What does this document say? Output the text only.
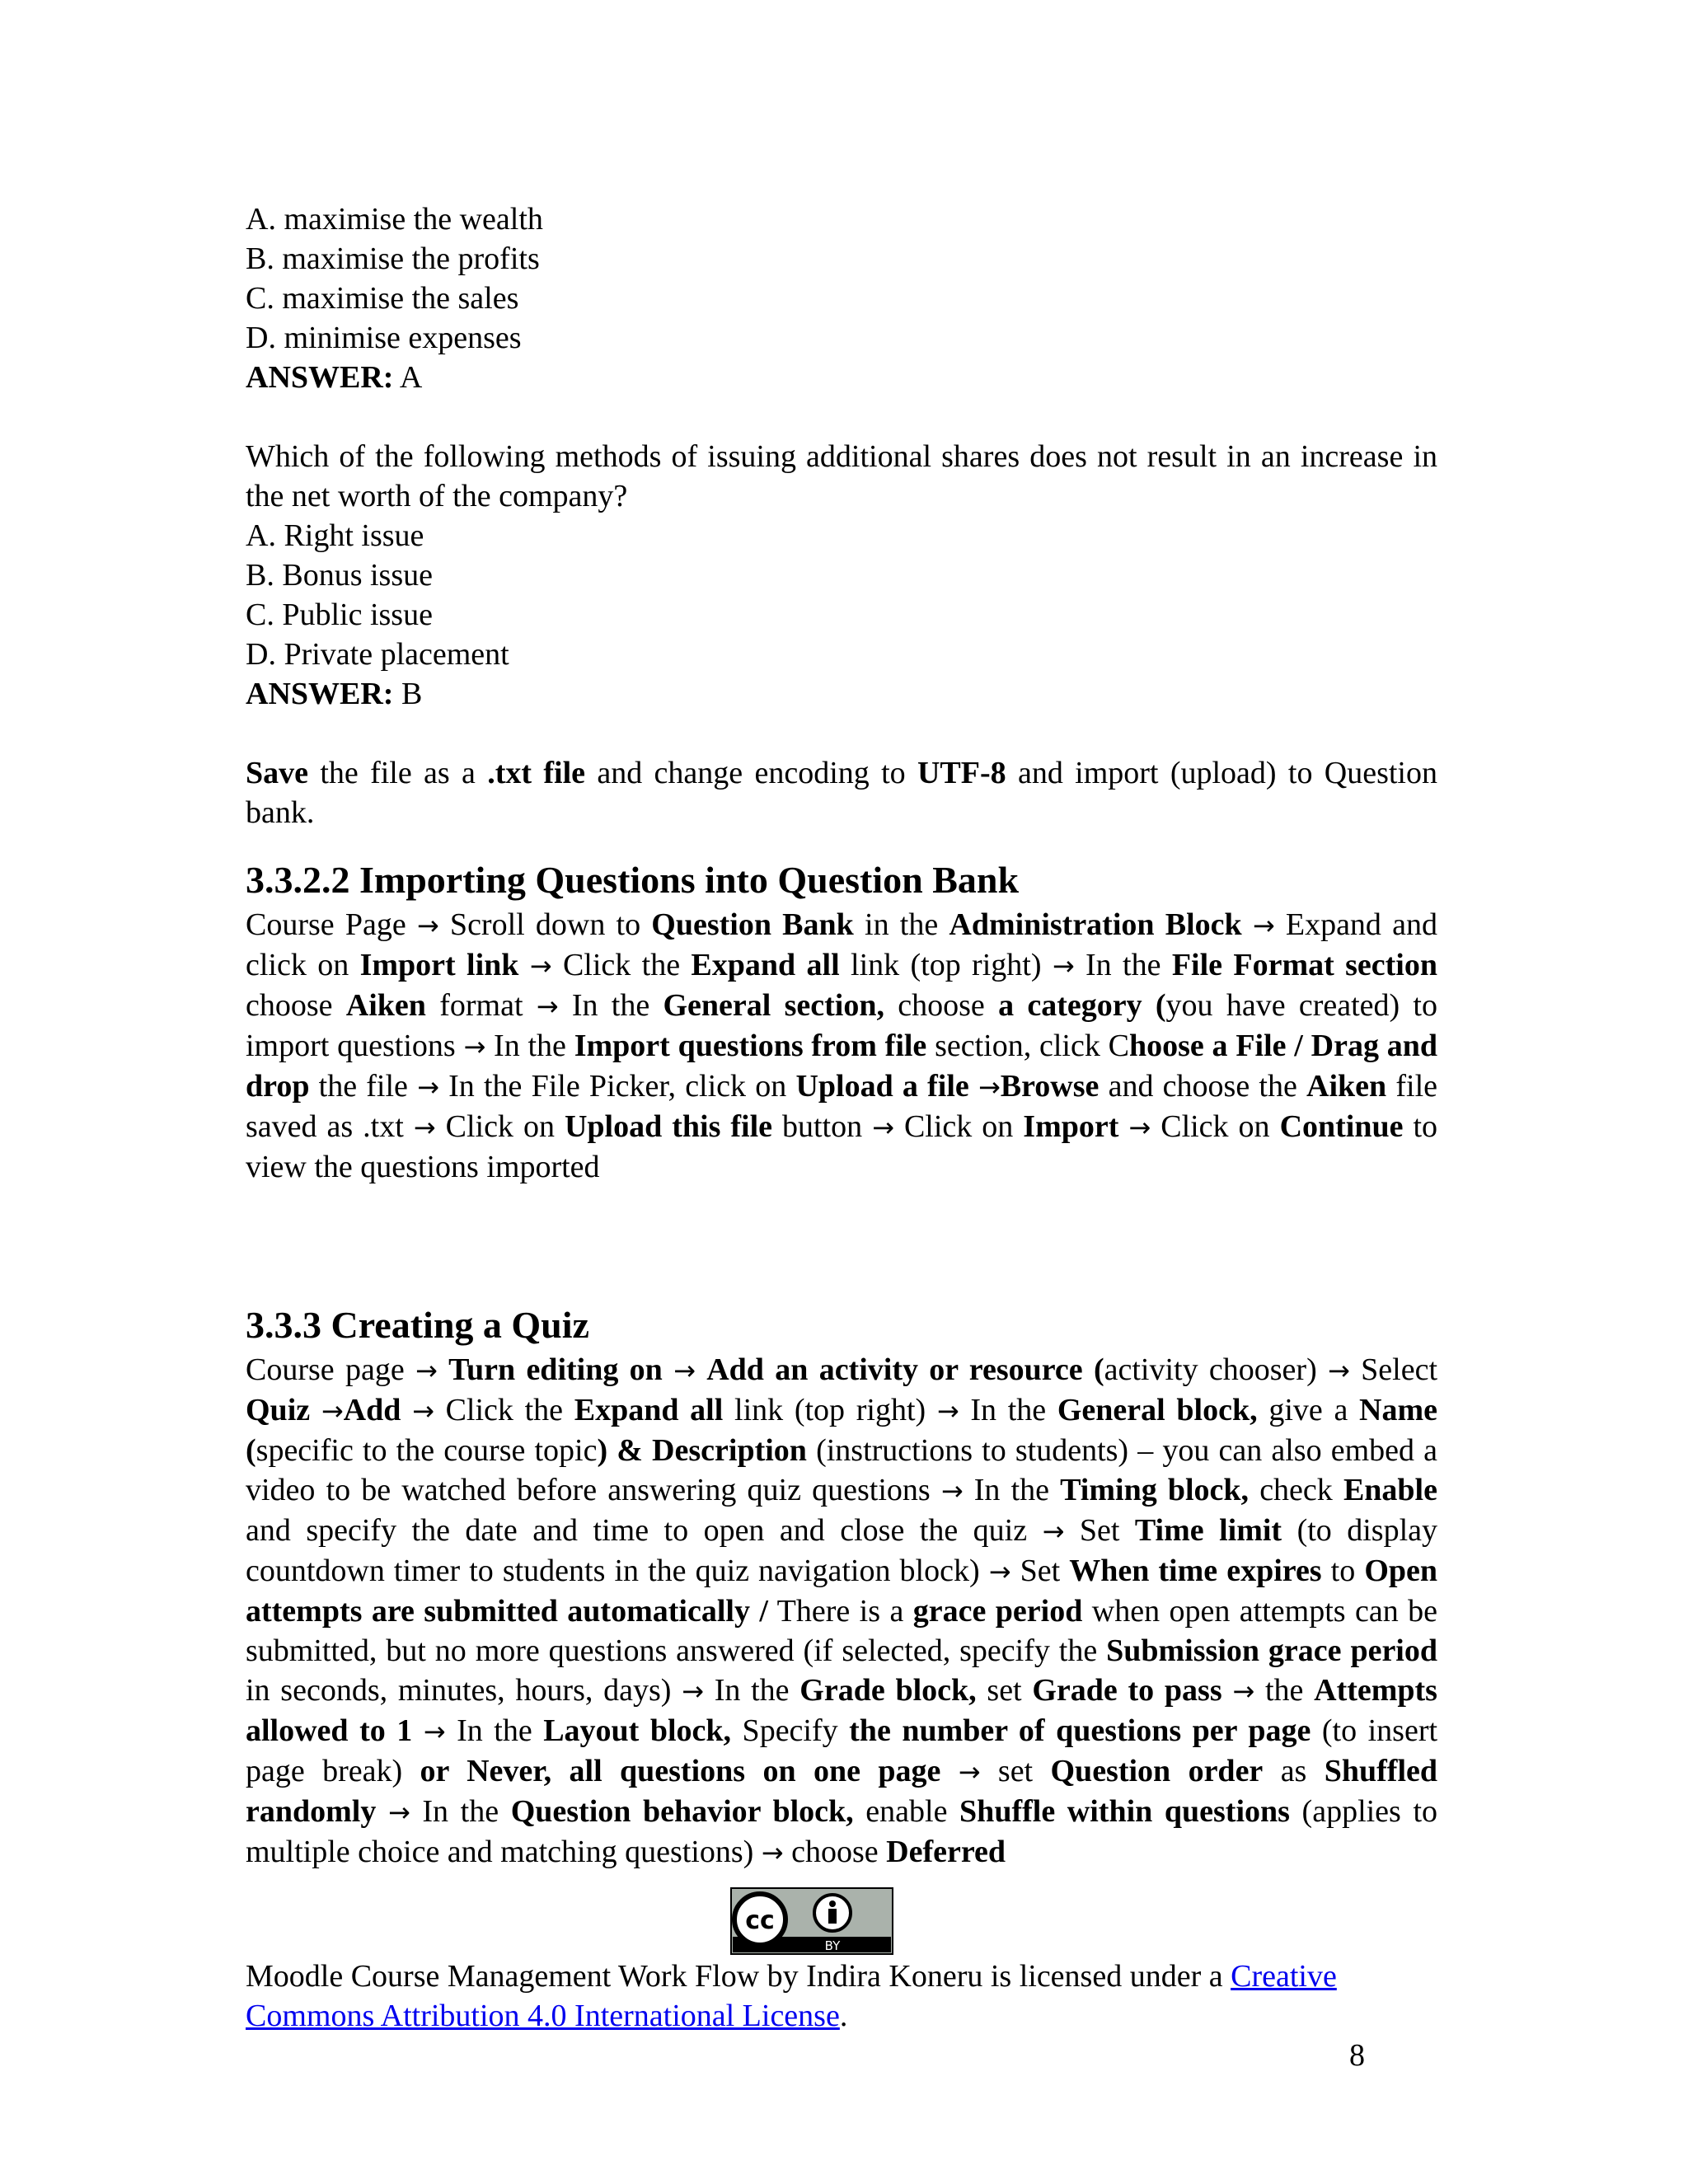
A. maximise the wealth
B. maximise the profits
C. maximise the sales
D. minimise expenses
ANSWER: A
Which of the following methods of issuing additional shares does not result in an increase in the net worth of the company?
A. Right issue
B. Bonus issue
C. Public issue
D. Private placement
ANSWER: B
Save the file as a .txt file and change encoding to UTF-8 and import (upload) to Question bank.
3.3.2.2 Importing Questions into Question Bank
Course Page → Scroll down to Question Bank in the Administration Block → Expand and click on Import link → Click the Expand all link (top right) → In the File Format section choose Aiken format → In the General section, choose a category (you have created) to import questions → In the Import questions from file section, click Choose a File / Drag and drop the file → In the File Picker, click on Upload a file →Browse and choose the Aiken file saved as .txt → Click on Upload this file button → Click on Import → Click on Continue to view the questions imported
3.3.3 Creating a Quiz
Course page → Turn editing on → Add an activity or resource (activity chooser) → Select Quiz →Add → Click the Expand all link (top right) → In the General block, give a Name (specific to the course topic) & Description (instructions to students) – you can also embed a video to be watched before answering quiz questions → In the Timing block, check Enable and specify the date and time to open and close the quiz → Set Time limit (to display countdown timer to students in the quiz navigation block) → Set When time expires to Open attempts are submitted automatically / There is a grace period when open attempts can be submitted, but no more questions answered (if selected, specify the Submission grace period in seconds, minutes, hours, days) → In the Grade block, set Grade to pass → the Attempts allowed to 1 → In the Layout block, Specify the number of questions per page (to insert page break) or Never, all questions on one page → set Question order as Shuffled randomly → In the Question behavior block, enable Shuffle within questions (applies to multiple choice and matching questions) → choose Deferred
cc
BY
Moodle Course Management Work Flow by Indira Koneru is licensed under a Creative Commons Attribution 4.0 International License.
8
